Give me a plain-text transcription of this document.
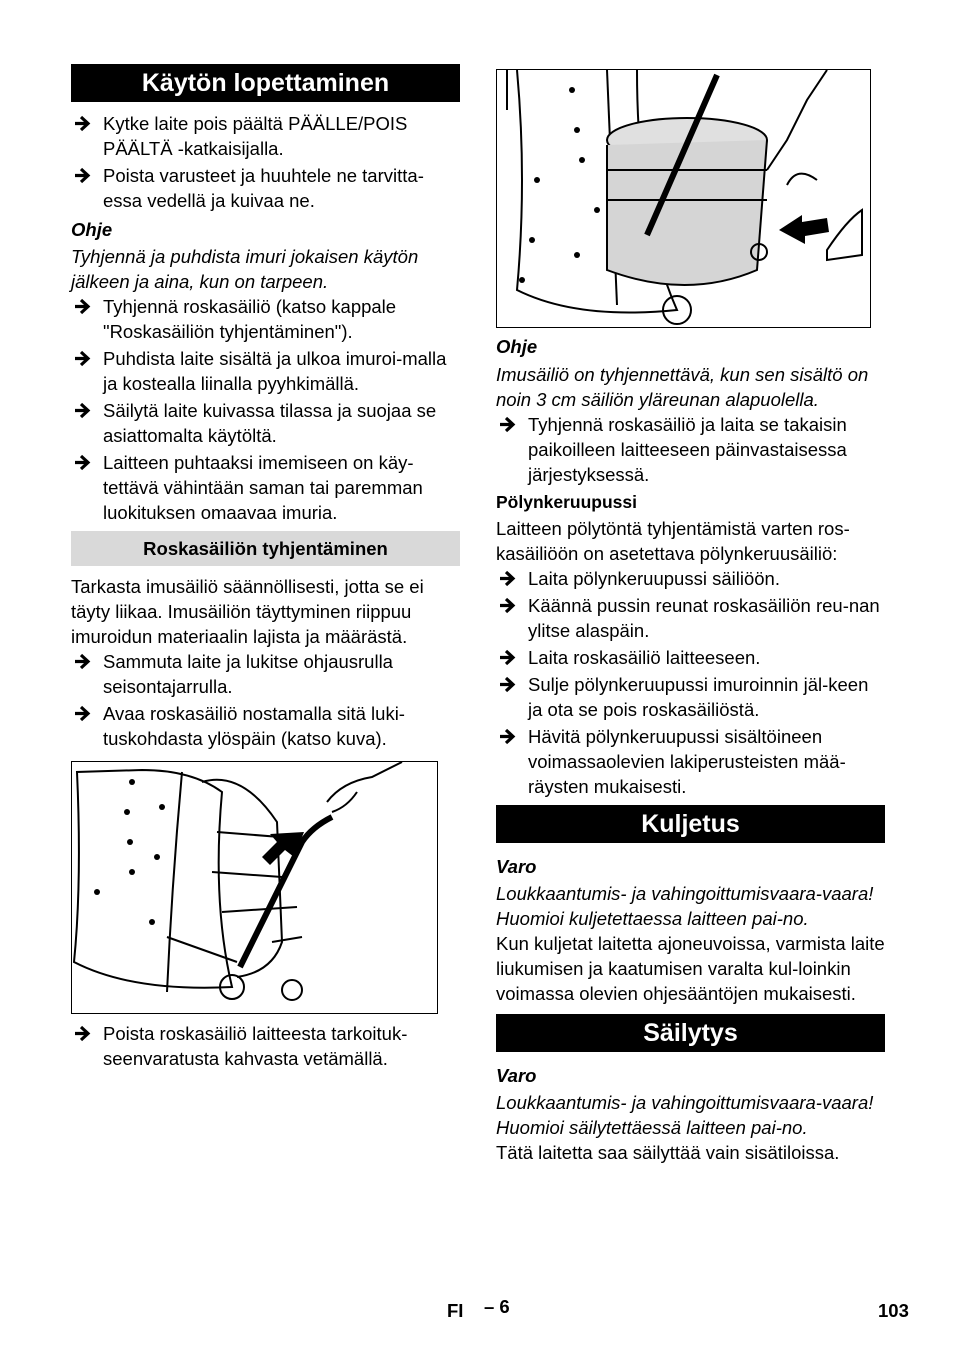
Käytön lopettaminen
Kytke laite pois päältä PÄÄLLE/POIS PÄÄLTÄ -katkaisijalla.
Poista varusteet ja huuhtele ne tarvitta-essa vedellä ja kuivaa ne.

Ohje

Tyhjennä ja puhdista imuri jokaisen käytön jälkeen ja aina, kun on tarpeen.

Tyhjennä roskasäiliö (katso kappale "Roskasäiliön tyhjentäminen").
Puhdista laite sisältä ja ulkoa imuroi-malla ja kostealla liinalla pyyhkimällä.
Säilytä laite kuivassa tilassa ja suojaa se asiattomalta käytöltä.
Laitteen puhtaaksi imemiseen on käy-tettävä vähintään saman tai paremman luokituksen omaavaa imuria.
Roskasäiliön tyhjentäminen

Tarkasta imusäiliö säännöllisesti, jotta se ei täyty liikaa. Imusäiliön täyttyminen riippuu imuroidun materiaalin lajista ja määrästä.

Sammuta laite ja lukitse ohjausrulla seisontajarrulla.
Avaa roskasäiliö nostamalla sitä luki-tuskohdasta ylöspäin (katso kuva).
Poista roskasäiliö laitteesta tarkoituk-seenvaratusta kahvasta vetämällä.

Ohje

Imusäiliö on tyhjennettävä, kun sen sisältö on noin 3 cm säiliön yläreunan alapuolella.

Tyhjennä roskasäiliö ja laita se takaisin paikoilleen laitteeseen päinvastaisessa järjestyksessä.

Pölynkeruupussi

Laitteen pölytöntä tyhjentämistä varten ros-kasäiliöön on asetettava pölynkeruusäiliö:

Laita pölynkeruupussi säiliöön.
Käännä pussin reunat roskasäiliön reu-nan ylitse alaspäin.
Laita roskasäiliö laitteeseen.
Sulje pölynkeruupussi imuroinnin jäl-keen ja ota se pois roskasäiliöstä.
Hävitä pölynkeruupussi sisältöineen voimassaolevien lakiperusteisten mää-räysten mukaisesti.
Kuljetus

Varo

Loukkaantumis- ja vahingoittumisvaara-vaara! Huomioi kuljetettaessa laitteen pai-no.

Kun kuljetat laitetta ajoneuvoissa, varmista laite liukumisen ja kaatumisen varalta kul-loinkin voimassa olevien ohjesääntöjen mukaisesti.

Säilytys

Varo

Loukkaantumis- ja vahingoittumisvaara-vaara! Huomioi säilytettäessä laitteen pai-no.

Tätä laitetta saa säilyttää vain sisätiloissa.

FI – 6	103
